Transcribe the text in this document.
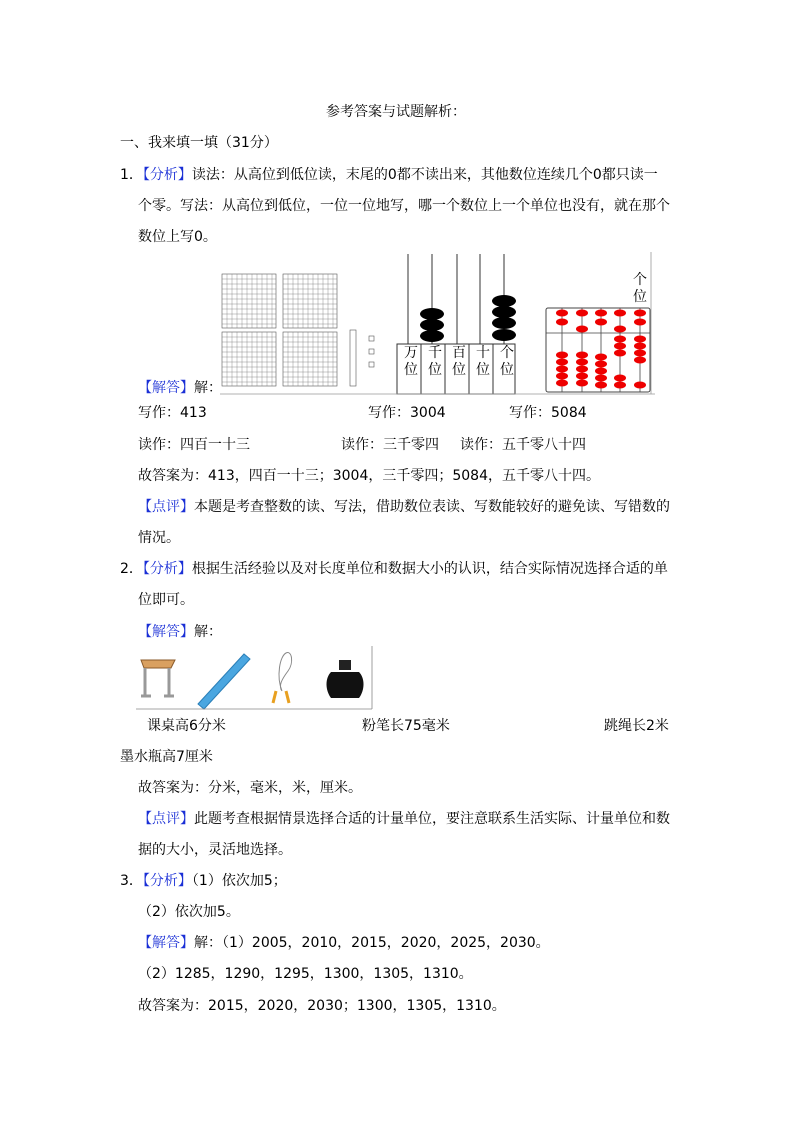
参考答案与试题解析：
一、我来填一填（31分）
1．【分析】读法：从高位到低位读，末尾的0都不读出来，其他数位连续几个0都只读一
个零。写法：从高位到低位，一位一位地写，哪一个数位上一个单位也没有，就在那个
数位上写0。
万位
千位
百位
十位
个位
个位
【解答】解：
写作：413	写作：3004	写作：5084
读作：四百一十三	读作：三千零四 读作：五千零八十四
故答案为：413，四百一十三；3004，三千零四；5084，五千零八十四。
【点评】本题是考查整数的读、写法，借助数位表读、写数能较好的避免读、写错数的
情况。
2．【分析】根据生活经验以及对长度单位和数据大小的认识，结合实际情况选择合适的单
位即可。
【解答】解：
课桌高6分米	粉笔长75毫米	跳绳长2米
墨水瓶高7厘米
故答案为：分米，毫米，米，厘米。
【点评】此题考查根据情景选择合适的计量单位，要注意联系生活实际、计量单位和数
据的大小，灵活地选择。
3．【分析】（1）依次加5；
（2）依次加5。
【解答】解：（1）2005，2010，2015，2020，2025，2030。
（2）1285，1290，1295，1300，1305，1310。
故答案为：2015，2020，2030；1300，1305，1310。
